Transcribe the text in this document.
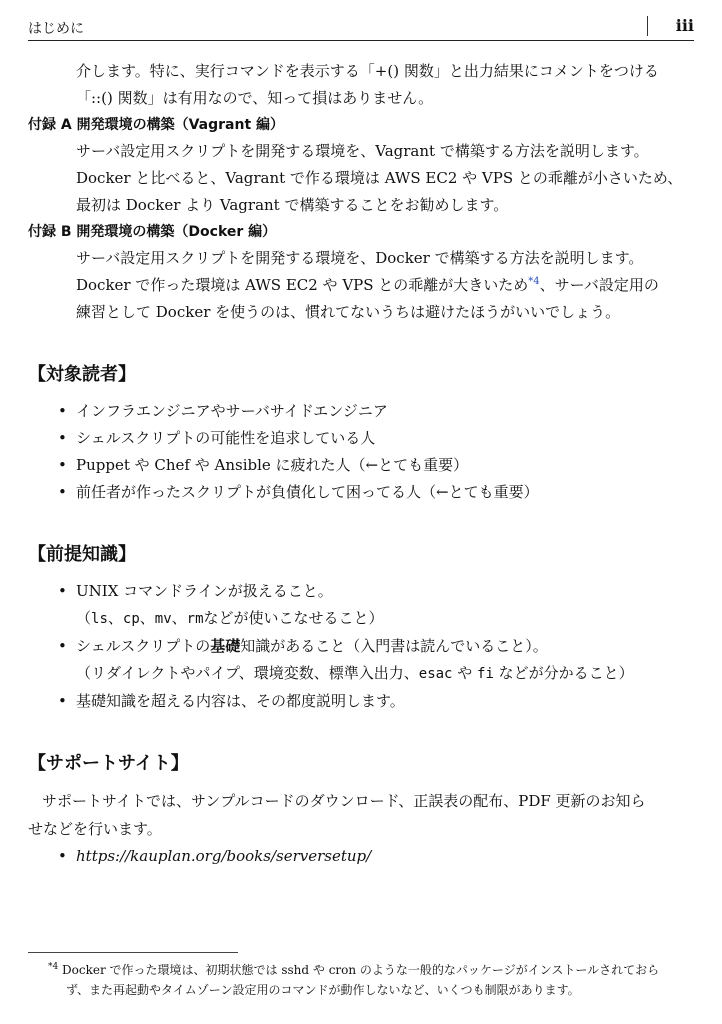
はじめに	iii

介します。特に、実行コマンドを表示する「+() 関数」と出力結果にコメントをつける

「::() 関数」は有用なので、知って損はありません。

付録 A 開発環境の構築（Vagrant 編）

サーバ設定用スクリプトを開発する環境を、Vagrant で構築する方法を説明します。

Docker と比べると、Vagrant で作る環境は AWS EC2 や VPS との乖離が小さいため、

最初は Docker より Vagrant で構築することをお勧めします。

付録 B 開発環境の構築（Docker 編）

サーバ設定用スクリプトを開発する環境を、Docker で構築する方法を説明します。

Docker で作った環境は AWS EC2 や VPS との乖離が大きいため$^{*4}$、サーバ設定用の

練習として Docker を使うのは、慣れてないうちは避けたほうがいいでしょう。

【対象読者】
• インフラエンジニアやサーバサイドエンジニア
• シェルスクリプトの可能性を追求している人
• Puppet や Chef や Ansible に疲れた人（←とても重要）
• 前任者が作ったスクリプトが負債化して困ってる人（←とても重要）
【前提知識】
• UNIX コマンドラインが扱えること。
（ls、cp、mv、rmなどが使いこなせること）
• シェルスクリプトの基礎知識があること（入門書は読んでいること）。
（リダイレクトやパイプ、環境変数、標準入出力、esac や fi などが分かること）
• 基礎知識を超える内容は、その都度説明します。
【サポートサイト】

サポートサイトでは、サンプルコードのダウンロード、正誤表の配布、PDF 更新のお知ら

せなどを行います。

• https://kauplan.org/books/serversetup/
$^{*4}$ Docker で作った環境は、初期状態では sshd や cron のような一般的なパッケージがインストールされておら
ず、また再起動やタイムゾーン設定用のコマンドが動作しないなど、いくつも制限があります。
